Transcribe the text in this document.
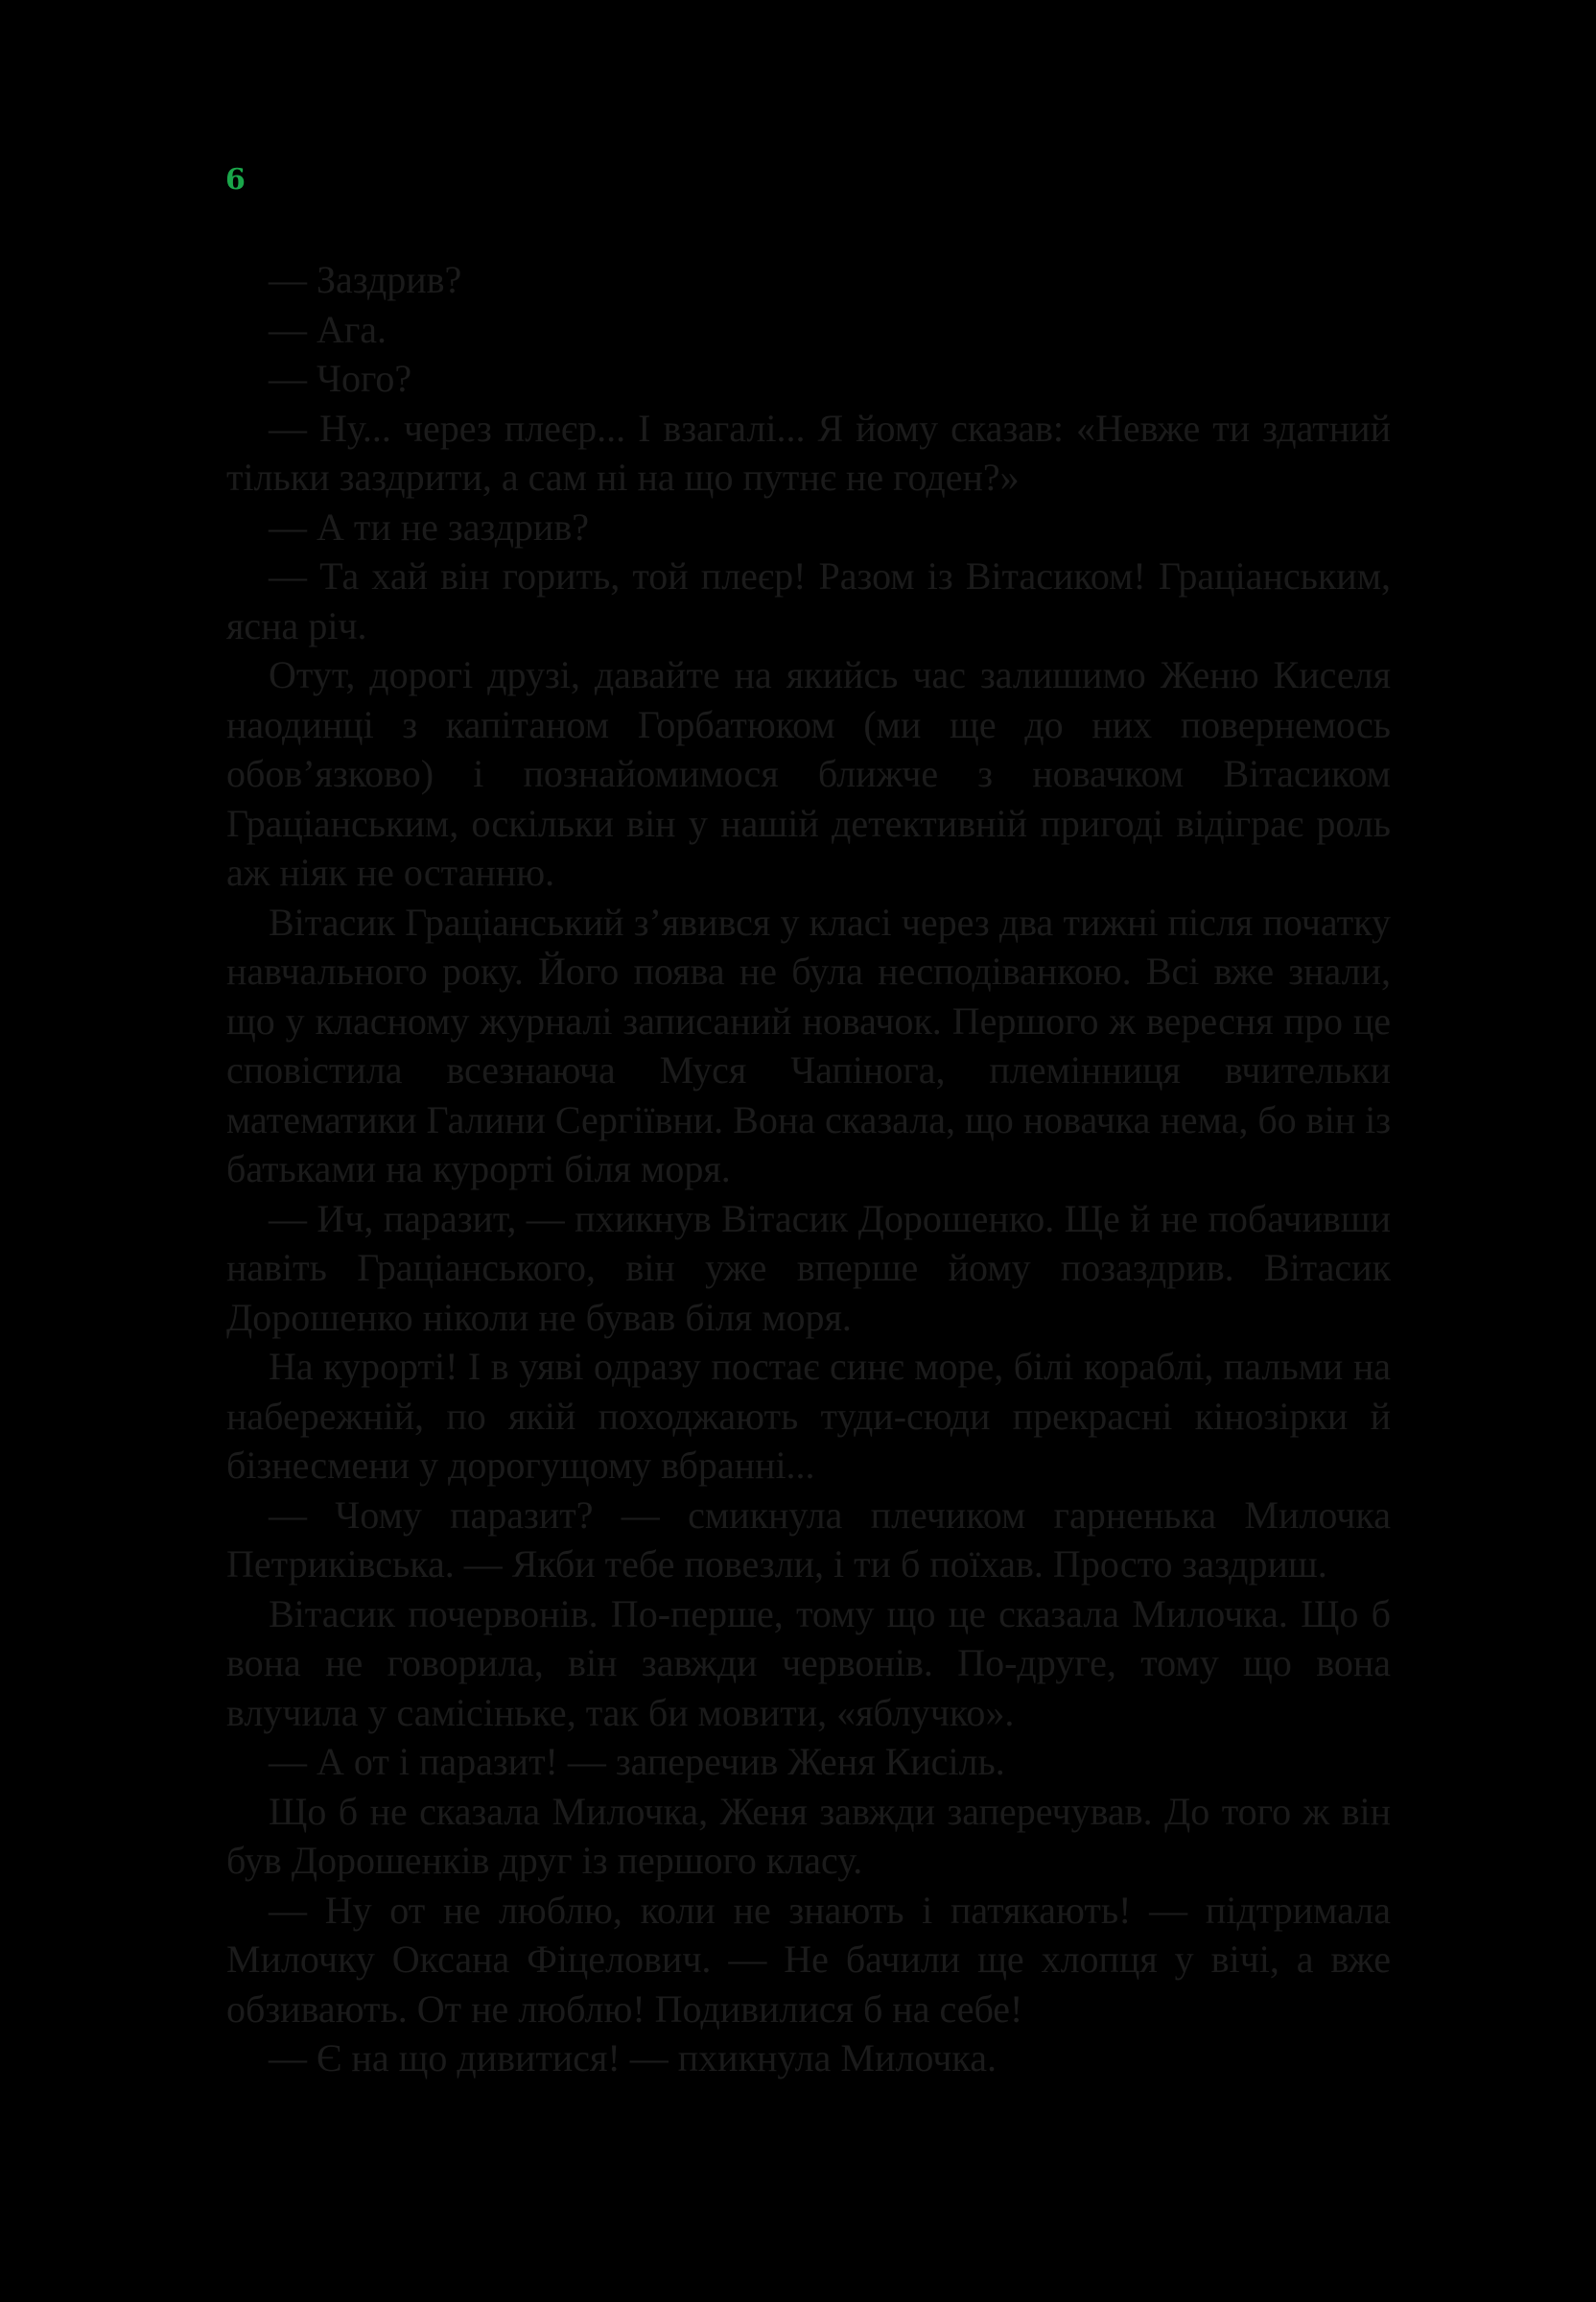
6

— Заздрив?

— Ага.

— Чого?

— Ну... через плеєр... І взагалі... Я йому сказав: «Невже ти здатний тільки заздрити, а сам ні на що путнє не годен?»

— А ти не заздрив?

— Та хай він горить, той плеєр! Разом із Вітасиком! Граціанським, ясна річ.

Отут, дорогі друзі, давайте на якийсь час залишимо Женю Киселя наодинці з капітаном Горбатюком (ми ще до них повернемось обов’язково) і познайомимося ближче з новачком Вітасиком Граціанським, оскільки він у нашій детективній пригоді відіграє роль аж ніяк не останню.

Вітасик Граціанський з’явився у класі через два тижні після початку навчального року. Його поява не була несподіванкою. Всі вже знали, що у класному журналі записаний новачок. Першого ж вересня про це сповістила всезнаюча Муся Чапінога, племінниця вчительки математики Галини Сергіївни. Вона сказала, що новачка нема, бо він із батьками на курорті біля моря.

— Ич, паразит, — пхикнув Вітасик Дорошенко. Ще й не побачивши навіть Граціанського, він уже вперше йому позаздрив. Вітасик Дорошенко ніколи не бував біля моря.

На курорті! І в уяві одразу постає синє море, білі кораблі, пальми на набережній, по якій походжають туди-сюди прекрасні кінозірки й бізнесмени у дорогущому вбранні...

— Чому паразит? — смикнула плечиком гарненька Милочка Петриківська. — Якби тебе повезли, і ти б поїхав. Просто заздриш.

Вітасик почервонів. По-перше, тому що це сказала Милочка. Що б вона не говорила, він завжди червонів. По-друге, тому що вона влучила у самісіньке, так би мовити, «яблучко».

— А от і паразит! — заперечив Женя Кисіль.

Що б не сказала Милочка, Женя завжди заперечував. До того ж він був Дорошенків друг із першого класу.

— Ну от не люблю, коли не знають і патякають! — підтримала Милочку Оксана Фіцелович. — Не бачили ще хлопця у вічі, а вже обзивають. От не люблю! Подивилися б на себе!

— Є на що дивитися! — пхикнула Милочка.
